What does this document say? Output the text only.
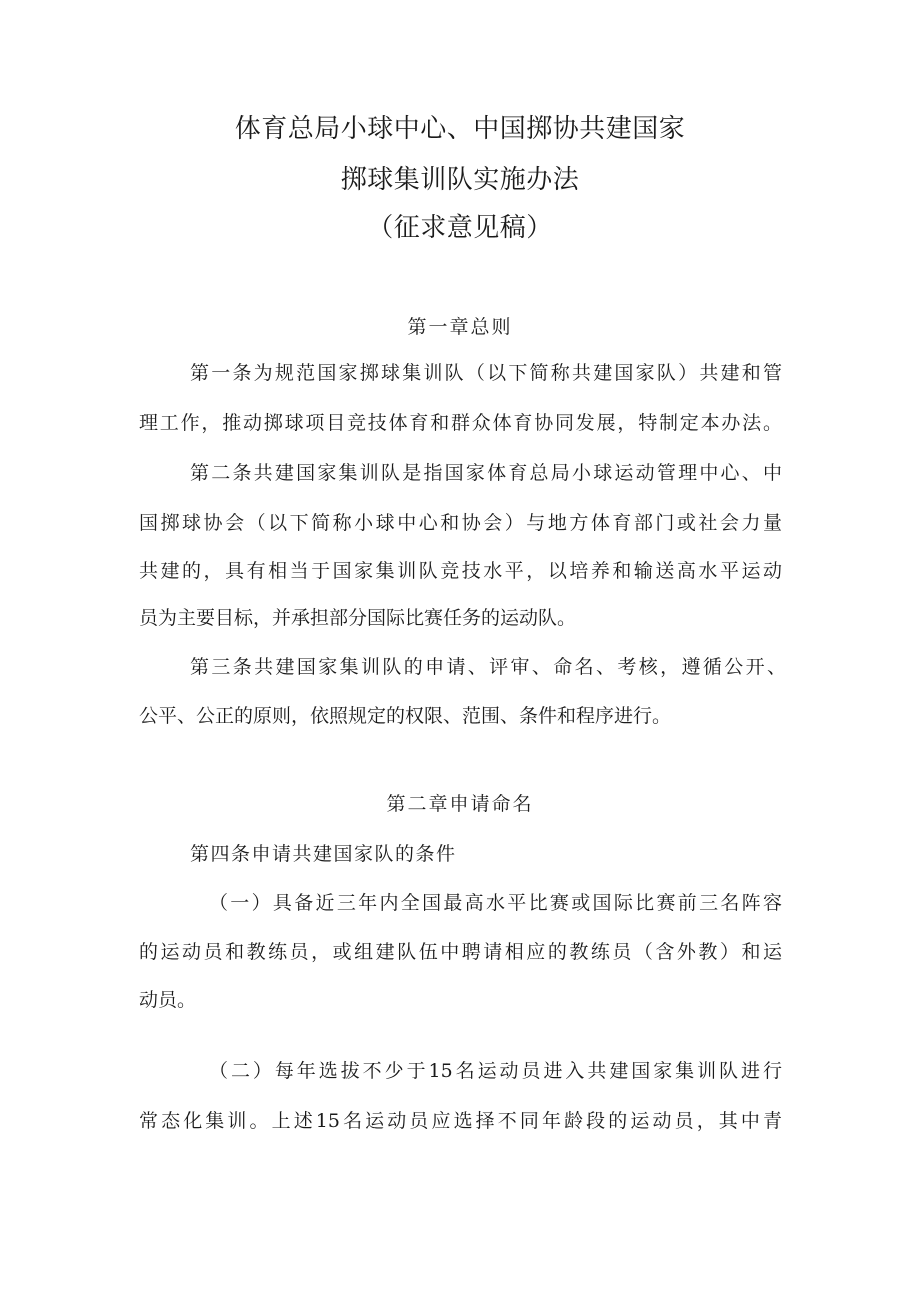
体育总局小球中心、中国掷协共建国家
掷球集训队实施办法
（征求意见稿）
第一章总则
第一条为规范国家掷球集训队（以下简称共建国家队）共建和管
理工作，推动掷球项目竞技体育和群众体育协同发展，特制定本办法。
第二条共建国家集训队是指国家体育总局小球运动管理中心、中
国掷球协会（以下简称小球中心和协会）与地方体育部门或社会力量
共建的，具有相当于国家集训队竞技水平，以培养和输送高水平运动
员为主要目标，并承担部分国际比赛任务的运动队。
第三条共建国家集训队的申请、评审、命名、考核，遵循公开、
公平、公正的原则，依照规定的权限、范围、条件和程序进行。
第二章申请命名
第四条申请共建国家队的条件
（一）具备近三年内全国最高水平比赛或国际比赛前三名阵容
的运动员和教练员，或组建队伍中聘请相应的教练员（含外教）和运
动员。
（二）每年选拔不少于15名运动员进入共建国家集训队进行
常态化集训。上述15名运动员应选择不同年龄段的运动员，其中青
